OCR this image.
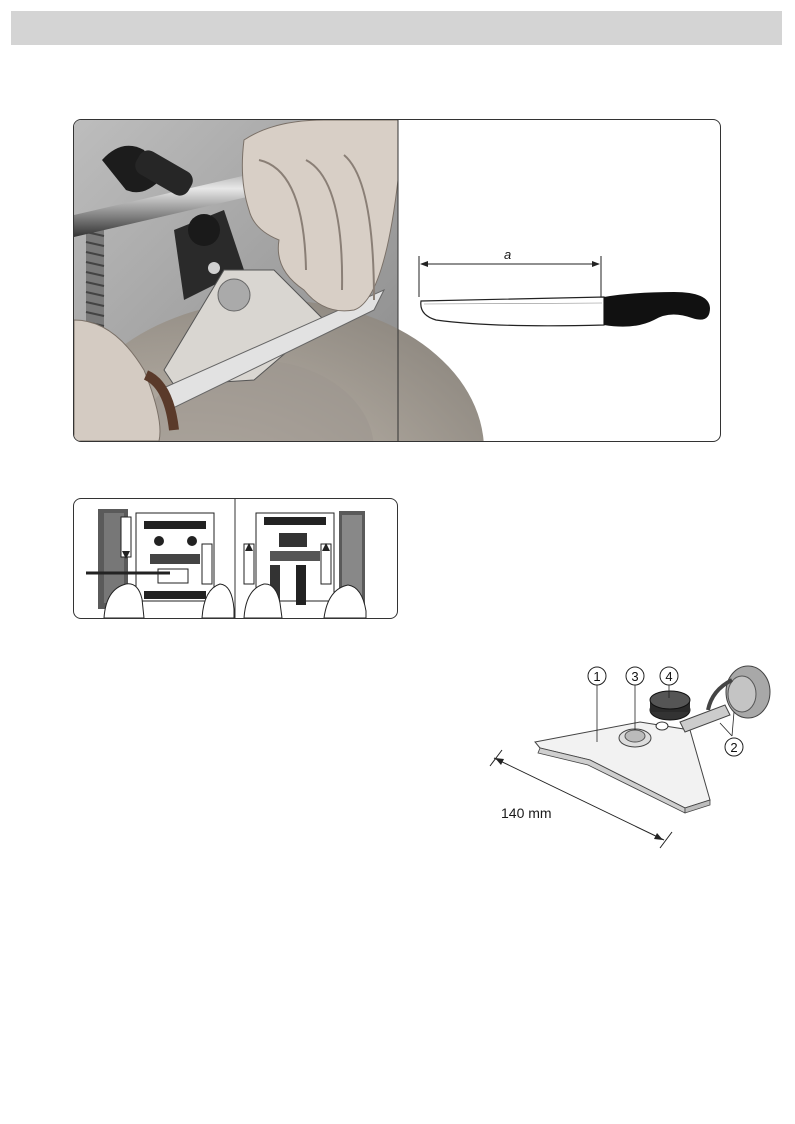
a
1 3 4
2
140 mm
